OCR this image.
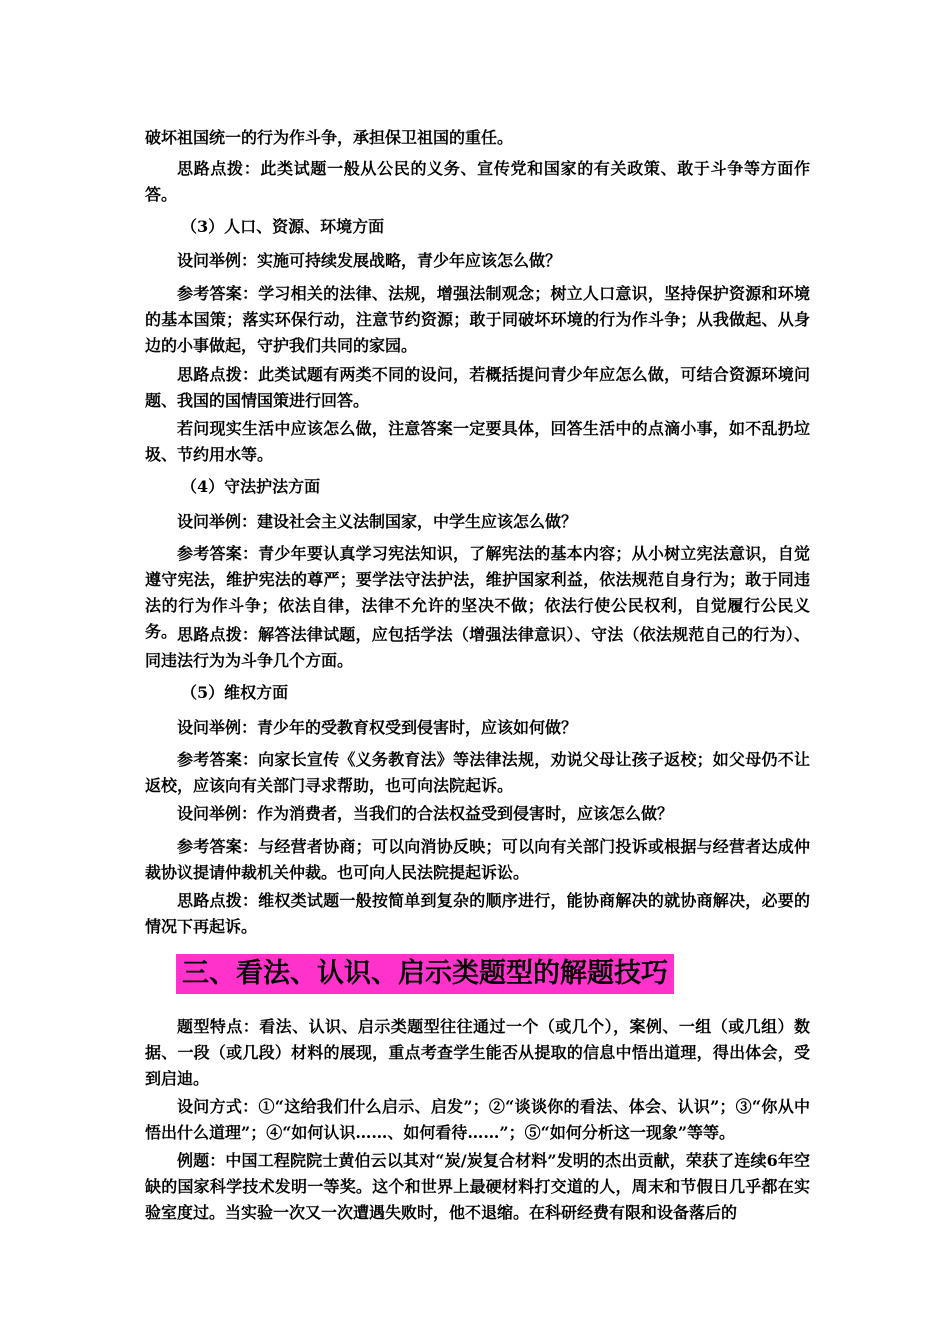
破坏祖国统一的行为作斗争，承担保卫祖国的重任。

思路点拨：此类试题一般从公民的义务、宣传党和国家的有关政策、敢于斗争等方面作答。

（3）人口、资源、环境方面

设问举例：实施可持续发展战略，青少年应该怎么做？

参考答案：学习相关的法律、法规，增强法制观念；树立人口意识，坚持保护资源和环境的基本国策；落实环保行动，注意节约资源；敢于同破坏环境的行为作斗争；从我做起、从身边的小事做起，守护我们共同的家园。

思路点拨：此类试题有两类不同的设问，若概括提问青少年应怎么做，可结合资源环境问题、我国的国情国策进行回答。

若问现实生活中应该怎么做，注意答案一定要具体，回答生活中的点滴小事，如不乱扔垃圾、节约用水等。

（4）守法护法方面

设问举例：建设社会主义法制国家，中学生应该怎么做？

参考答案：青少年要认真学习宪法知识，了解宪法的基本内容；从小树立宪法意识，自觉遵守宪法，维护宪法的尊严；要学法守法护法，维护国家利益，依法规范自身行为；敢于同违法的行为作斗争；依法自律，法律不允许的坚决不做；依法行使公民权利，自觉履行公民义务。 思路点拨：解答法律试题，应包括学法（增强法律意识）、守法（依法规范自己的行为）、同违法行为为斗争几个方面。

（5）维权方面

设问举例：青少年的受教育权受到侵害时，应该如何做？

参考答案：向家长宣传《义务教育法》等法律法规，劝说父母让孩子返校；如父母仍不让返校，应该向有关部门寻求帮助，也可向法院起诉。

设问举例：作为消费者，当我们的合法权益受到侵害时，应该怎么做？

参考答案：与经营者协商；可以向消协反映；可以向有关部门投诉或根据与经营者达成仲裁协议提请仲裁机关仲裁。也可向人民法院提起诉讼。

思路点拨：维权类试题一般按简单到复杂的顺序进行，能协商解决的就协商解决，必要的情况下再起诉。

三、看法、认识、启示类题型的解题技巧

题型特点：看法、认识、启示类题型往往通过一个（或几个），案例、一组（或几组）数据、一段（或几段）材料的展现，重点考查学生能否从提取的信息中悟出道理，得出体会，受到启迪。

设问方式：①“这给我们什么启示、启发”；②“谈谈你的看法、体会、认识”；③“你从中悟出什么道理”；④“如何认识……、如何看待……”；⑤“如何分析这一现象”等等。

例题：中国工程院院士黄伯云以其对“炭/炭复合材料”发明的杰出贡献，荣获了连续6年空缺的国家科学技术发明一等奖。这个和世界上最硬材料打交道的人，周末和节假日几乎都在实验室度过。当实验一次又一次遭遇失败时，他不退缩。在科研经费有限和设备落后的
